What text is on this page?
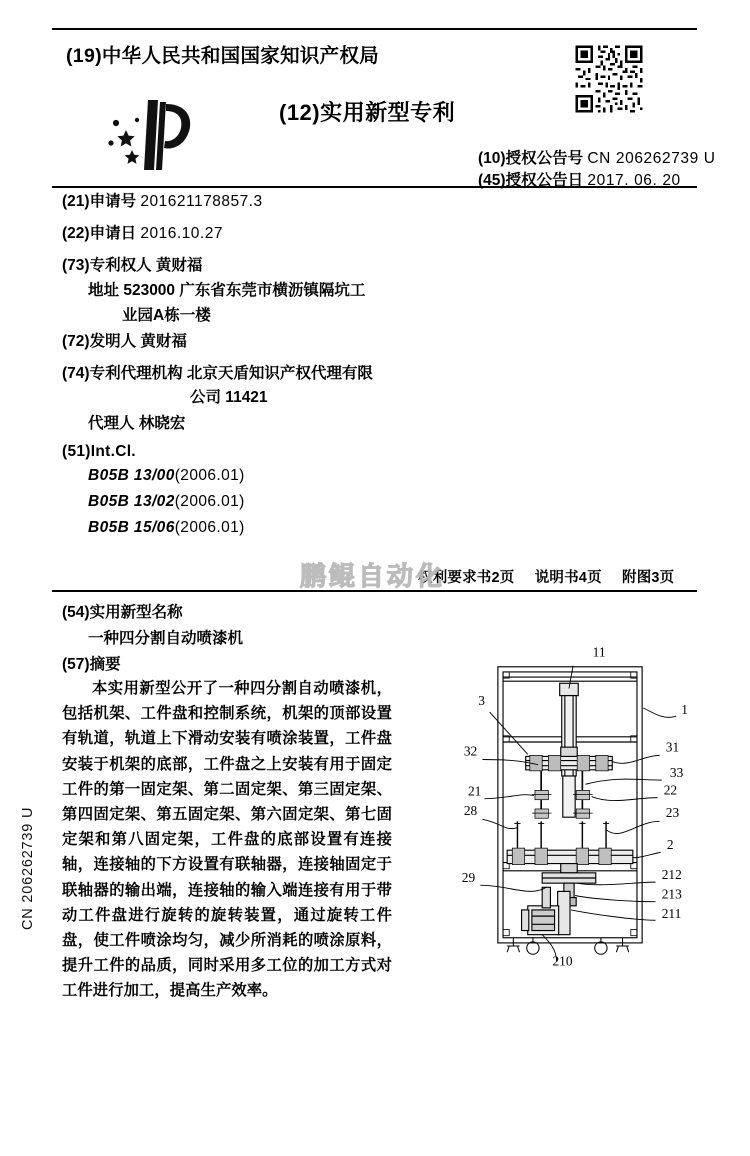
CN 206262739 U
(19)中华人民共和国国家知识产权局
(12)实用新型专利
(10)授权公告号 CN 206262739 U
(45)授权公告日 2017. 06. 20
(21)申请号 201621178857.3
(22)申请日 2016.10.27
(73)专利权人 黄财福
地址 523000 广东省东莞市横沥镇隔坑工
业园A栋一楼
(72)发明人 黄财福
(74)专利代理机构 北京天盾知识产权代理有限
公司 11421
代理人 林晓宏
(51)Int.Cl.
B05B 13/00(2006.01)
B05B 13/02(2006.01)
B05B 15/06(2006.01)
权利要求书2页 说明书4页 附图3页
鹏鲲自动化
(54)实用新型名称
一种四分割自动喷漆机
(57)摘要
本实用新型公开了一种四分割自动喷漆机，包括机架、工件盘和控制系统，机架的顶部设置有轨道，轨道上下滑动安装有喷涂装置，工件盘安装于机架的底部，工件盘之上安装有用于固定工件的第一固定架、第二固定架、第三固定架、第四固定架、第五固定架、第六固定架、第七固定架和第八固定架，工件盘的底部设置有连接轴，连接轴的下方设置有联轴器，连接轴固定于联轴器的输出端，连接轴的输入端连接有用于带动工件盘进行旋转的旋转装置，通过旋转工件盘，使工件喷涂均匀，减少所消耗的喷涂原料，提升工件的品质，同时采用多工位的加工方式对工件进行加工，提高生产效率。
11
3
1
32	31
33
21	22
28	23
2
29	212
213
211
210
